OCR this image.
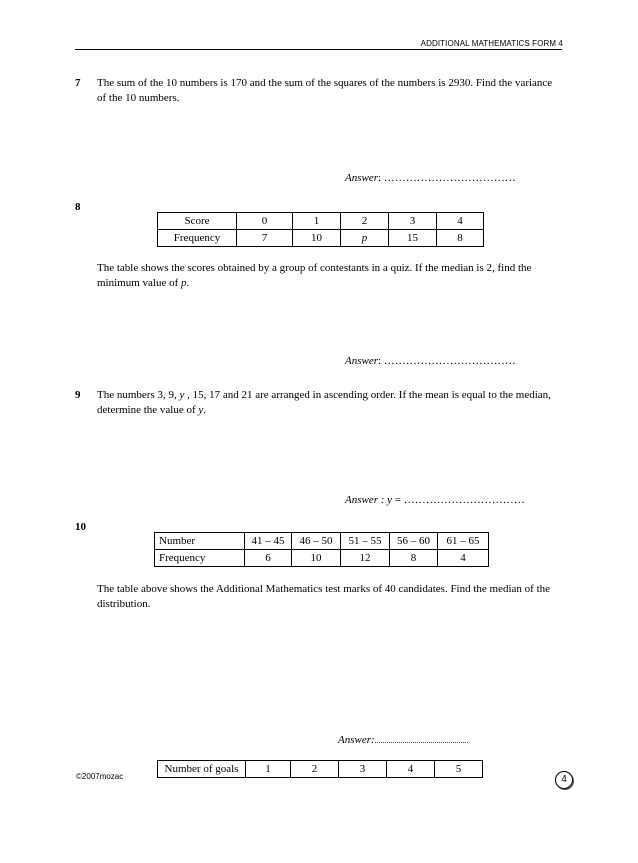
ADDITIONAL MATHEMATICS FORM 4
7 The sum of the 10 numbers is 170 and the sum of the squares of the numbers is 2930. Find the variance of the 10 numbers.
Answer: ………………………………
8
Score	0	1	2	3	4
Frequency	7	10	p	15	8
The table shows the scores obtained by a group of contestants in a quiz. If the median is 2, find the minimum value of p.
Answer: ………………………………
9 The numbers 3, 9, y , 15, 17 and 21 are arranged in ascending order. If the mean is equal to the median, determine the value of y.
Answer : y = ……………………………
10
Number	41 – 45	46 – 50	51 – 55	56 – 60	61 – 65
Frequency	6	10	12	8	4
The table above shows the Additional Mathematics test marks of 40 candidates. Find the median of the distribution.
Answer:...............................................
Number of goals	1	2	3	4	5
©2007mozac	4
